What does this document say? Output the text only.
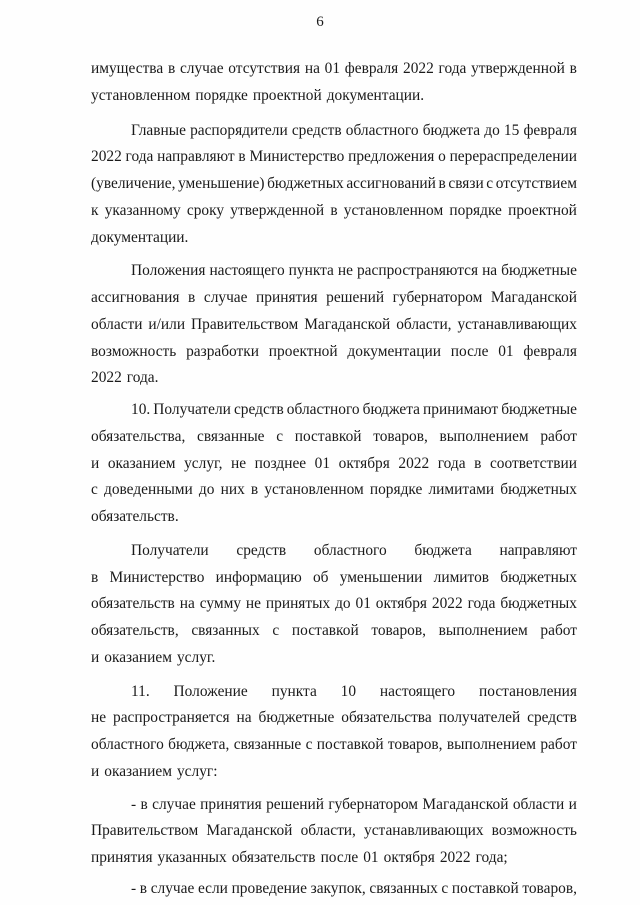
6
имущества в случае отсутствия на 01 февраля 2022 года утвержденной в
установленном порядке проектной документации.
Главные распорядители средств областного бюджета до 15 февраля
2022 года направляют в Министерство предложения о перераспределении
(увеличение, уменьшение) бюджетных ассигнований в связи с отсутствием
к указанному сроку утвержденной в установленном порядке проектной
документации.
Положения настоящего пункта не распространяются на бюджетные
ассигнования в случае принятия решений губернатором Магаданской
области и/или Правительством Магаданской области, устанавливающих
возможность разработки проектной документации после 01 февраля
2022 года.
10. Получатели средств областного бюджета принимают бюджетные
обязательства, связанные с поставкой товаров, выполнением работ
и оказанием услуг, не позднее 01 октября 2022 года в соответствии
с доведенными до них в установленном порядке лимитами бюджетных
обязательств.
Получатели средств областного бюджета направляют
в Министерство информацию об уменьшении лимитов бюджетных
обязательств на сумму не принятых до 01 октября 2022 года бюджетных
обязательств, связанных с поставкой товаров, выполнением работ
и оказанием услуг.
11. Положение пункта 10 настоящего постановления
не распространяется на бюджетные обязательства получателей средств
областного бюджета, связанные с поставкой товаров, выполнением работ
и оказанием услуг:
- в случае принятия решений губернатором Магаданской области и
Правительством Магаданской области, устанавливающих возможность
принятия указанных обязательств после 01 октября 2022 года;
- в случае если проведение закупок, связанных с поставкой товаров,
